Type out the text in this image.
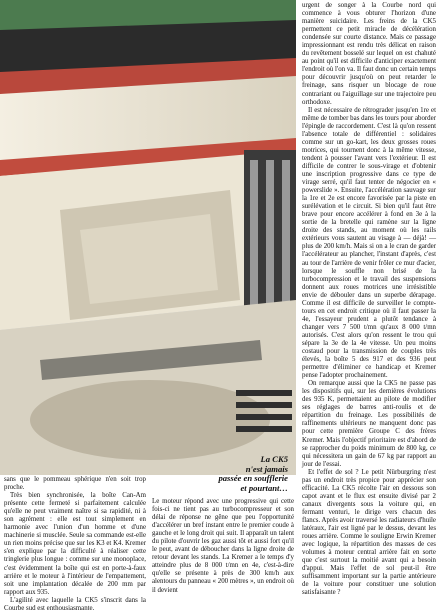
La CK5
n'est jamais
passée en soufflerie
et pourtant…

sans que le pommeau sphérique n'en soit trop proche.

Très bien synchronisée, la boîte Can-Am présente cette fermeté si parfaitement calculée qu'elle ne peut vraiment naître si sa rapidité, ni à son agrément : elle est tout simplement en harmonie avec l'union d'un homme et d'une machinerie si musclée. Seule sa commande est-elle un rien moins précise que sur les K3 et K4. Kremer s'en explique par la difficulté à réaliser cette tringlerie plus longue : comme sur une monoplace, c'est évidemment la boîte qui est en porte-à-faux arrière et le moteur à l'intérieur de l'empattement, soit une implantation décalée de 200 mm par rapport aux 935.

L'agilité avec laquelle la CK5 s'inscrit dans la Courbe sud est enthousiasmante.

Le moteur répond avec une progressive qui cette fois-ci ne tient pas au turbocompresseur et son délai de réponse ne gêne que peu l'opportunité d'accélérer un bref instant entre le premier coude à gauche et le long droit qui suit. Il apparaît un talent du pilote d'ouvrir les gaz aussi tôt et aussi fort qu'il le peut, avant de déboucher dans la ligne droite de retour devant les stands. La Kremer a le temps d'y atteindre plus de 8 000 t/mn en 4e, c'est-à-dire qu'elle se présente à près de 300 km/h aux alentours du panneau « 200 mètres », un endroit où il devient

urgent de songer à la Courbe nord qui commence à vous obturer l'horizon d'une manière suicidaire. Les freins de la CK5 permettent ce petit miracle de décélération condensée sur courte distance. Mais ce passage impressionnant est rendu très délicat en raison du revêtement bosselé sur lequel on est chahuté au point qu'il est difficile d'anticiper exactement l'endroit où l'on va. Il faut donc un certain temps pour découvrir jusqu'où on peut retarder le freinage, sans risquer un blocage de roue contrariant ou l'aiguillage sur une trajectoire peu orthodoxe.

Il est nécessaire de rétrograder jusqu'en 1re et même de tomber bas dans les tours pour aborder l'épingle de raccordement. C'est là qu'on ressent l'absence totale de différentiel : solidaires comme sur un go-kart, les deux grosses roues motrices, qui tournent donc à la même vitesse, tendent à pousser l'avant vers l'extérieur. Il est difficile de contrer le sous-virage et d'obtenir une inscription progressive dans ce type de virage serré, qu'il faut tenter de négocier en « powerslide ». Ensuite, l'accélération sauvage sur la 1re et 2e est encore favorisée par la piste en surélévation et le circuit. Si bien qu'il faut être brave pour encore accélérer à fond en 3e à la sortie de la bretelle qui ramène sur la ligne droite des stands, au moment où les rails extérieurs vous sautent au visage à — déjà! — plus de 200 km/h. Mais si on a le cran de garder l'accélérateur au plancher, l'instant d'après, c'est au tour de l'arrière de venir frôler ce mur d'acier, lorsque le souffle non brisé de la turbocompression et le travail des suspensions donnent aux roues motrices une irrésistible envie de débouler dans un superbe dérapage. Comme il est difficile de surveiller le compte-tours en cet endroit critique où il faut passer la 4e, l'essayeur prudent a plutôt tendance à changer vers 7 500 t/mn qu'aux 8 000 t/mn autorisés. C'est alors qu'on ressent le trou qui sépare la 3e de la 4e vitesse. Un peu moins costaud pour la transmission de couples très élevés, la boîte 5 des 917 et des 936 peut permettre d'éliminer ce handicap et Kremer pense l'adopter prochainement.

On remarque aussi que la CK5 ne passe pas les dispositifs qui, sur les dernières évolutions des 935 K, permettaient au pilote de modifier ses réglages de barres anti-roulis et de répartition du freinage. Les possibilités de raffinements ultérieurs ne manquent donc pas pour cette première Groupe C des frères Kremer. Mais l'objectif prioritaire est d'abord de se rapprocher du poids minimum de 800 kg, ce qui nécessitera un gain de 67 kg par rapport au jour de l'essai.

Et l'effet de sol ? Le petit Nürburgring n'est pas un endroit très propice pour apprécier son efficacité. La CK5 récolte l'air en dessous son capot avant et le flux est ensuite divisé par 2 canaux divergents sous la voiture qui, en fermant venturi, le dirige vers chacun des flancs. Après avoir traversé les radiateurs d'huile latéraux, l'air est ligné par le dessus, devant les roues arrière. Comme le souligne Erwin Kremer avec logique, la répartition des masses de ces volumes à moteur central arrière fait en sorte que c'est surtout la moitié avant qui a besoin d'appui. Mais l'effet de sol peut-il être suffisamment important sur la partie antérieure de la voiture pour constituer une solution satisfaisante ?
